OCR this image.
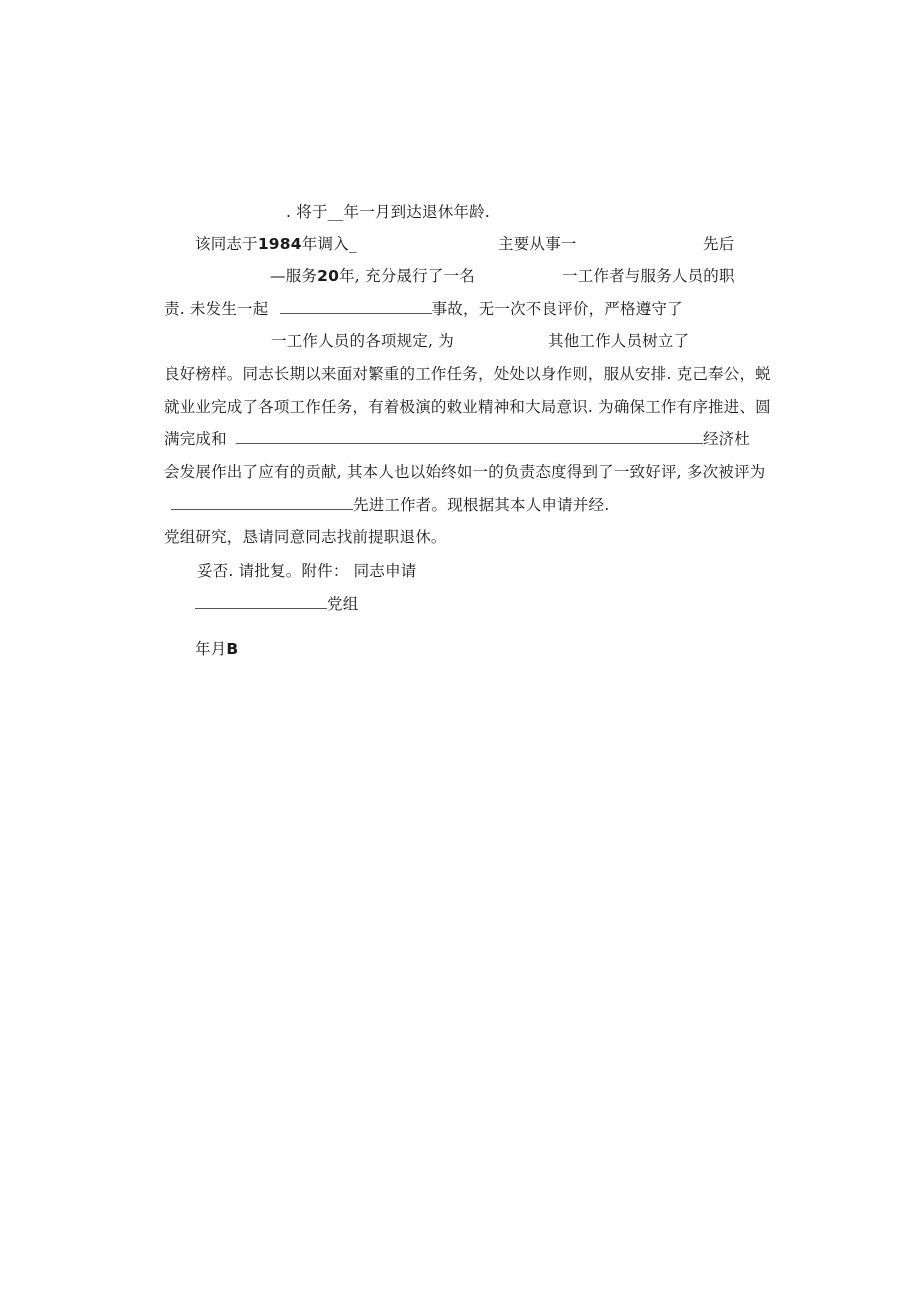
. 将于__年一月到达退休年龄.
该同志于1984年调入_	主要从事一	先后
—服务20年, 充分晟行了一名	一工作者与服务人员的职
责. 未发生一起	事故，无一次不良评价，严格遵守了
一工作人员的各项规定, 为	其他工作人员树立了
良好榜样。同志长期以来面对繁重的工作任务，处处以身作则，服从安排. 克己奉公，蜕
就业业完成了各项工作任务，有着极演的敕业精神和大局意识. 为确保工作有序推进、圆
满完成和	经济杜
会发展作出了应有的贡献, 其本人也以始终如一的负责态度得到了一致好评, 多次被评为
先进工作者。现根据其本人申请并经.
党组研究，恳请同意同志找前提职退休。
妥否. 请批复。附件： 同志申请
党组
年月B
